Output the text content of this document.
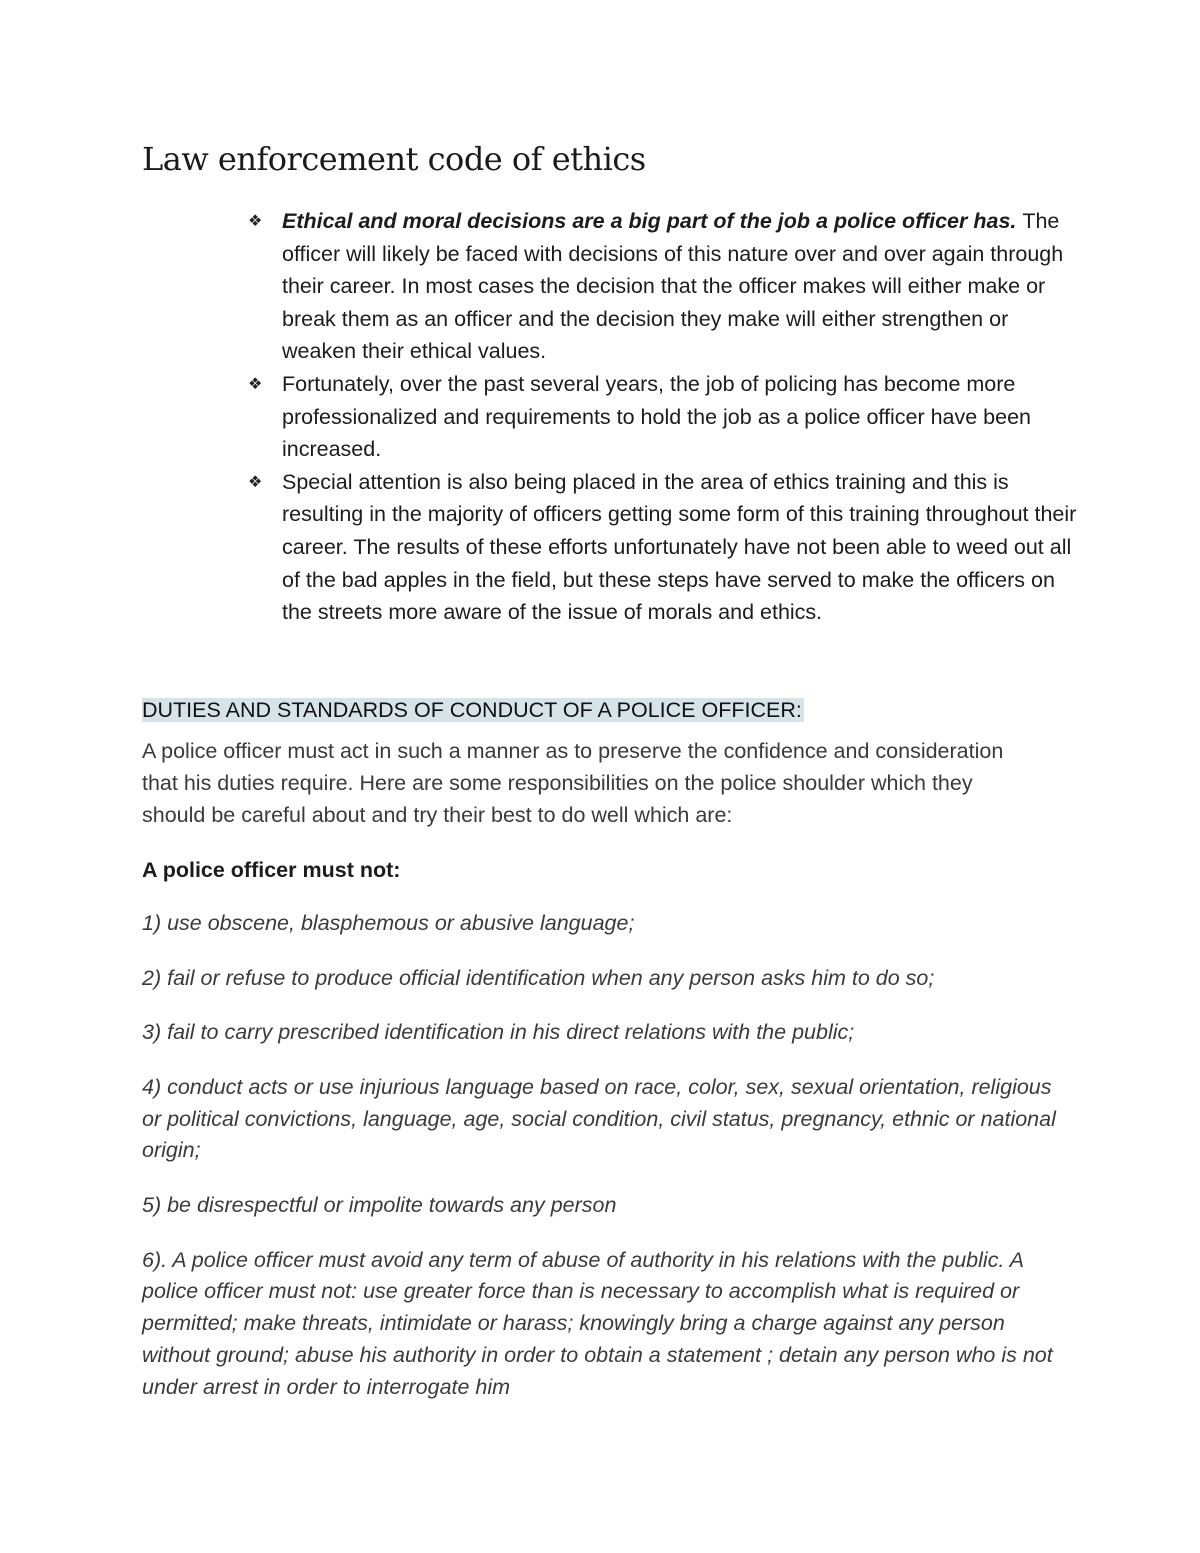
Law enforcement code of ethics
❖ Ethical and moral decisions are a big part of the job a police officer has. The officer will likely be faced with decisions of this nature over and over again through their career. In most cases the decision that the officer makes will either make or break them as an officer and the decision they make will either strengthen or weaken their ethical values.
❖ Fortunately, over the past several years, the job of policing has become more professionalized and requirements to hold the job as a police officer have been increased.
❖ Special attention is also being placed in the area of ethics training and this is resulting in the majority of officers getting some form of this training throughout their career. The results of these efforts unfortunately have not been able to weed out all of the bad apples in the field, but these steps have served to make the officers on the streets more aware of the issue of morals and ethics.
DUTIES AND STANDARDS OF CONDUCT OF A POLICE OFFICER:

A police officer must act in such a manner as to preserve the confidence and consideration that his duties require. Here are some responsibilities on the police shoulder which they should be careful about and try their best to do well which are:

A police officer must not:
1) use obscene, blasphemous or abusive language;
2) fail or refuse to produce official identification when any person asks him to do so;
3) fail to carry prescribed identification in his direct relations with the public;
4) conduct acts or use injurious language based on race, color, sex, sexual orientation, religious or political convictions, language, age, social condition, civil status, pregnancy, ethnic or national origin;
5) be disrespectful or impolite towards any person
6). A police officer must avoid any term of abuse of authority in his relations with the public. A police officer must not: use greater force than is necessary to accomplish what is required or permitted; make threats, intimidate or harass; knowingly bring a charge against any person without ground; abuse his authority in order to obtain a statement ; detain any person who is not under arrest in order to interrogate him
